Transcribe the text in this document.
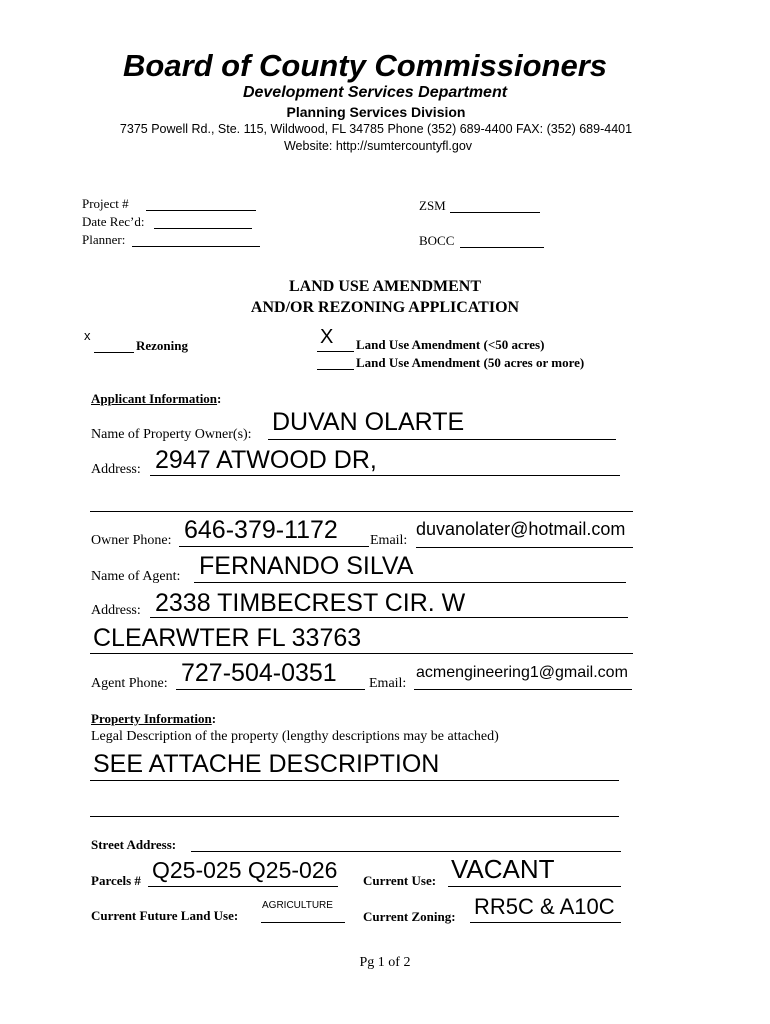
Board of County Commissioners
Development Services Department
Planning Services Division
7375 Powell Rd., Ste. 115, Wildwood, FL 34785 Phone (352) 689-4400 FAX: (352) 689-4401
Website: http://sumtercountyfl.gov
Project #
Date Rec’d:
Planner:
ZSM
BOCC
LAND USE AMENDMENT
AND/OR REZONING APPLICATION
x
Rezoning	X Land Use Amendment (<50 acres)
Land Use Amendment (50 acres or more)
Applicant Information:
Name of Property Owner(s): DUVAN OLARTE
Address: 2947 ATWOOD DR,
Owner Phone: 646-379-1172 Email:
duvanolater@hotmail.com
Name of Agent: FERNANDO SILVA
Address: 2338 TIMBECREST CIR. W
CLEARWTER FL 33763
Agent Phone: 727-504-0351 Email:
acmengineering1@gmail.com
Property Information:
Legal Description of the property (lengthy descriptions may be attached)
SEE ATTACHE DESCRIPTION
Street Address:
Parcels # Q25-025 Q25-026 Current Use: VACANT
Current Future Land Use:
AGRICULTURE
Current Zoning: RR5C & A10C
Pg 1 of 2
